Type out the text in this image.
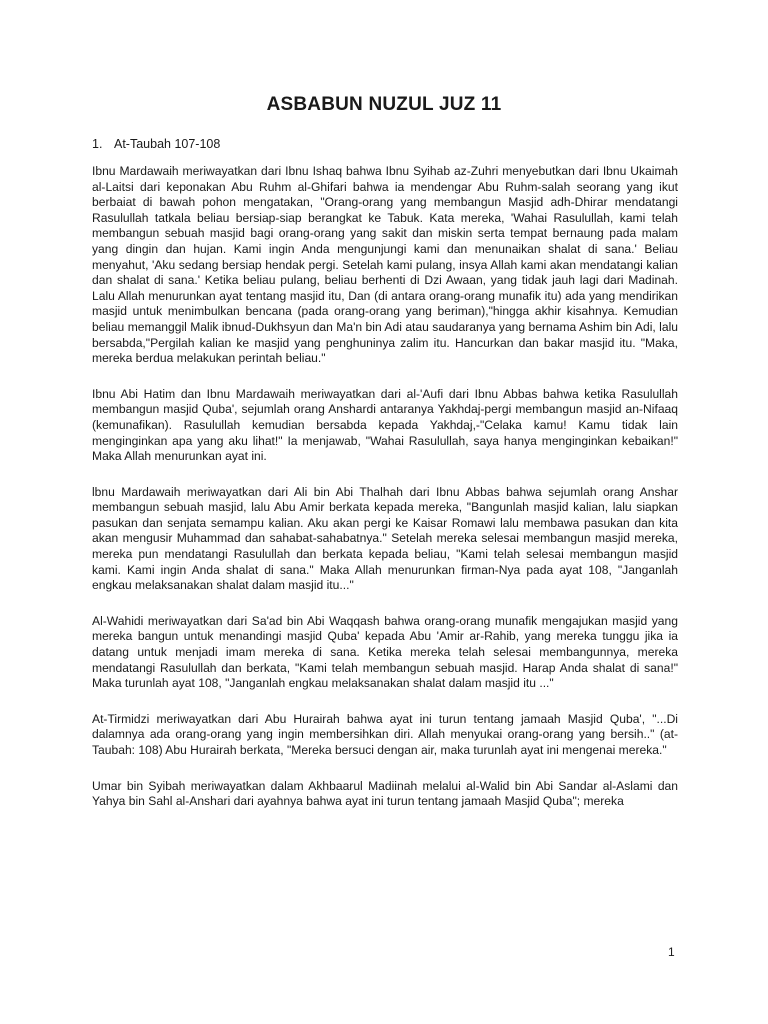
ASBABUN NUZUL JUZ 11
1. At-Taubah 107-108

Ibnu Mardawaih meriwayatkan dari Ibnu Ishaq bahwa Ibnu Syihab az-Zuhri menyebutkan dari Ibnu Ukaimah al-Laitsi dari keponakan Abu Ruhm al-Ghifari bahwa ia mendengar Abu Ruhm-salah seorang yang ikut berbaiat di bawah pohon mengatakan, "Orang-orang yang membangun Masjid adh-Dhirar mendatangi Rasulullah tatkala beliau bersiap-siap berangkat ke Tabuk. Kata mereka, 'Wahai Rasulullah, kami telah membangun sebuah masjid bagi orang-orang yang sakit dan miskin serta tempat bernaung pada malam yang dingin dan hujan. Kami ingin Anda mengunjungi kami dan menunaikan shalat di sana.' Beliau menyahut, 'Aku sedang bersiap hendak pergi. Setelah kami pulang, insya Allah kami akan mendatangi kalian dan shalat di sana.' Ketika beliau pulang, beliau berhenti di Dzi Awaan, yang tidak jauh lagi dari Madinah. Lalu Allah menurunkan ayat tentang masjid itu, Dan (di antara orang-orang munafik itu) ada yang mendirikan masjid untuk menimbulkan bencana (pada orang-orang yang beriman),"hingga akhir kisahnya. Kemudian beliau memanggil Malik ibnud-Dukhsyun dan Ma'n bin Adi atau saudaranya yang bernama Ashim bin Adi, lalu bersabda,"Pergilah kalian ke masjid yang penghuninya zalim itu. Hancurkan dan bakar masjid itu. "Maka, mereka berdua melakukan perintah beliau."

Ibnu Abi Hatim dan Ibnu Mardawaih meriwayatkan dari al-'Aufi dari Ibnu Abbas bahwa ketika Rasulullah membangun masjid Quba', sejumlah orang Anshardi antaranya Yakhdaj-pergi membangun masjid an-Nifaaq (kemunafikan). Rasulullah kemudian bersabda kepada Yakhdaj,-"Celaka kamu! Kamu tidak lain menginginkan apa yang aku lihat!" Ia menjawab, "Wahai Rasulullah, saya hanya menginginkan kebaikan!" Maka Allah menurunkan ayat ini.

lbnu Mardawaih meriwayatkan dari Ali bin Abi Thalhah dari Ibnu Abbas bahwa sejumlah orang Anshar membangun sebuah masjid, lalu Abu Amir berkata kepada mereka, "Bangunlah masjid kalian, lalu siapkan pasukan dan senjata semampu kalian. Aku akan pergi ke Kaisar Romawi lalu membawa pasukan dan kita akan mengusir Muhammad dan sahabat-sahabatnya." Setelah mereka selesai membangun masjid mereka, mereka pun mendatangi Rasulullah dan berkata kepada beliau, "Kami telah selesai membangun masjid kami. Kami ingin Anda shalat di sana." Maka Allah menurunkan firman-Nya pada ayat 108, "Janganlah engkau melaksanakan shalat dalam masjid itu..."

Al-Wahidi meriwayatkan dari Sa'ad bin Abi Waqqash bahwa orang-orang munafik mengajukan masjid yang mereka bangun untuk menandingi masjid Quba' kepada Abu 'Amir ar-Rahib, yang mereka tunggu jika ia datang untuk menjadi imam mereka di sana. Ketika mereka telah selesai membangunnya, mereka mendatangi Rasulullah dan berkata, "Kami telah membangun sebuah masjid. Harap Anda shalat di sana!" Maka turunlah ayat 108, "Janganlah engkau melaksanakan shalat dalam masjid itu ..."

At-Tirmidzi meriwayatkan dari Abu Hurairah bahwa ayat ini turun tentang jamaah Masjid Quba', "...Di dalamnya ada orang-orang yang ingin membersihkan diri. Allah menyukai orang-orang yang bersih.." (at-Taubah: 108) Abu Hurairah berkata, "Mereka bersuci dengan air, maka turunlah ayat ini mengenai mereka."

Umar bin Syibah meriwayatkan dalam Akhbaarul Madiinah melalui al-Walid bin Abi Sandar al-Aslami dan Yahya bin Sahl al-Anshari dari ayahnya bahwa ayat ini turun tentang jamaah Masjid Quba"; mereka

1
